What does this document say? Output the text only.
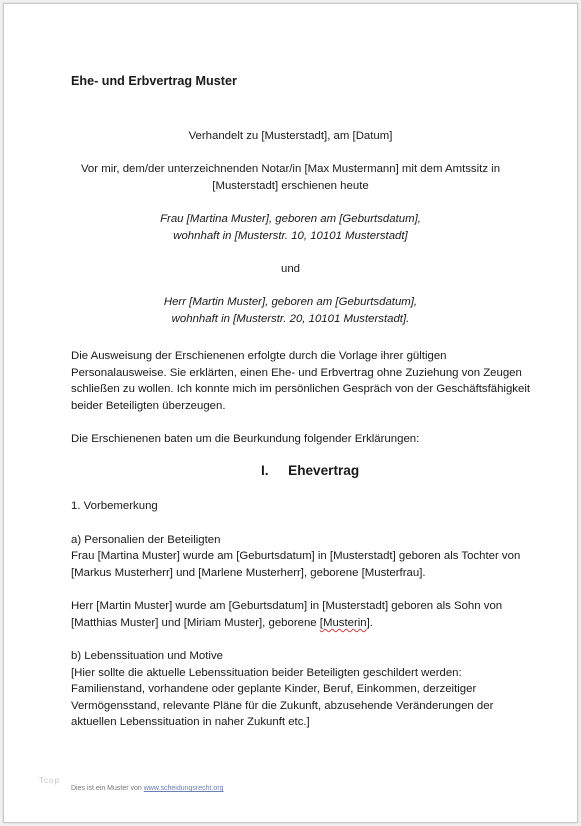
Ehe- und Erbvertrag Muster
Verhandelt zu [Musterstadt], am [Datum]
Vor mir, dem/der unterzeichnenden Notar/in [Max Mustermann] mit dem Amtssitz in
[Musterstadt] erschienen heute
Frau [Martina Muster], geboren am [Geburtsdatum],
wohnhaft in [Musterstr. 10, 10101 Musterstadt]
und
Herr [Martin Muster], geboren am [Geburtsdatum],
wohnhaft in [Musterstr. 20, 10101 Musterstadt].
Die Ausweisung der Erschienenen erfolgte durch die Vorlage ihrer gültigen
Personalausweise. Sie erklärten, einen Ehe- und Erbvertrag ohne Zuziehung von Zeugen
schließen zu wollen. Ich konnte mich im persönlichen Gespräch von der Geschäftsfähigkeit
beider Beteiligten überzeugen.
Die Erschienenen baten um die Beurkundung folgender Erklärungen:
I. Ehevertrag
1. Vorbemerkung
a) Personalien der Beteiligten
Frau [Martina Muster] wurde am [Geburtsdatum] in [Musterstadt] geboren als Tochter von
[Markus Musterherr] und [Marlene Musterherr], geborene [Musterfrau].
Herr [Martin Muster] wurde am [Geburtsdatum] in [Musterstadt] geboren als Sohn von
[Matthias Muster] und [Miriam Muster], geborene [Musterin].
b) Lebenssituation und Motive
[Hier sollte die aktuelle Lebenssituation beider Beteiligten geschildert werden:
Familienstand, vorhandene oder geplante Kinder, Beruf, Einkommen, derzeitiger
Vermögensstand, relevante Pläne für die Zukunft, abzusehende Veränderungen der
aktuellen Lebenssituation in naher Zukunft etc.]
Tcop
Dies ist ein Muster von www.scheidungsrecht.org
